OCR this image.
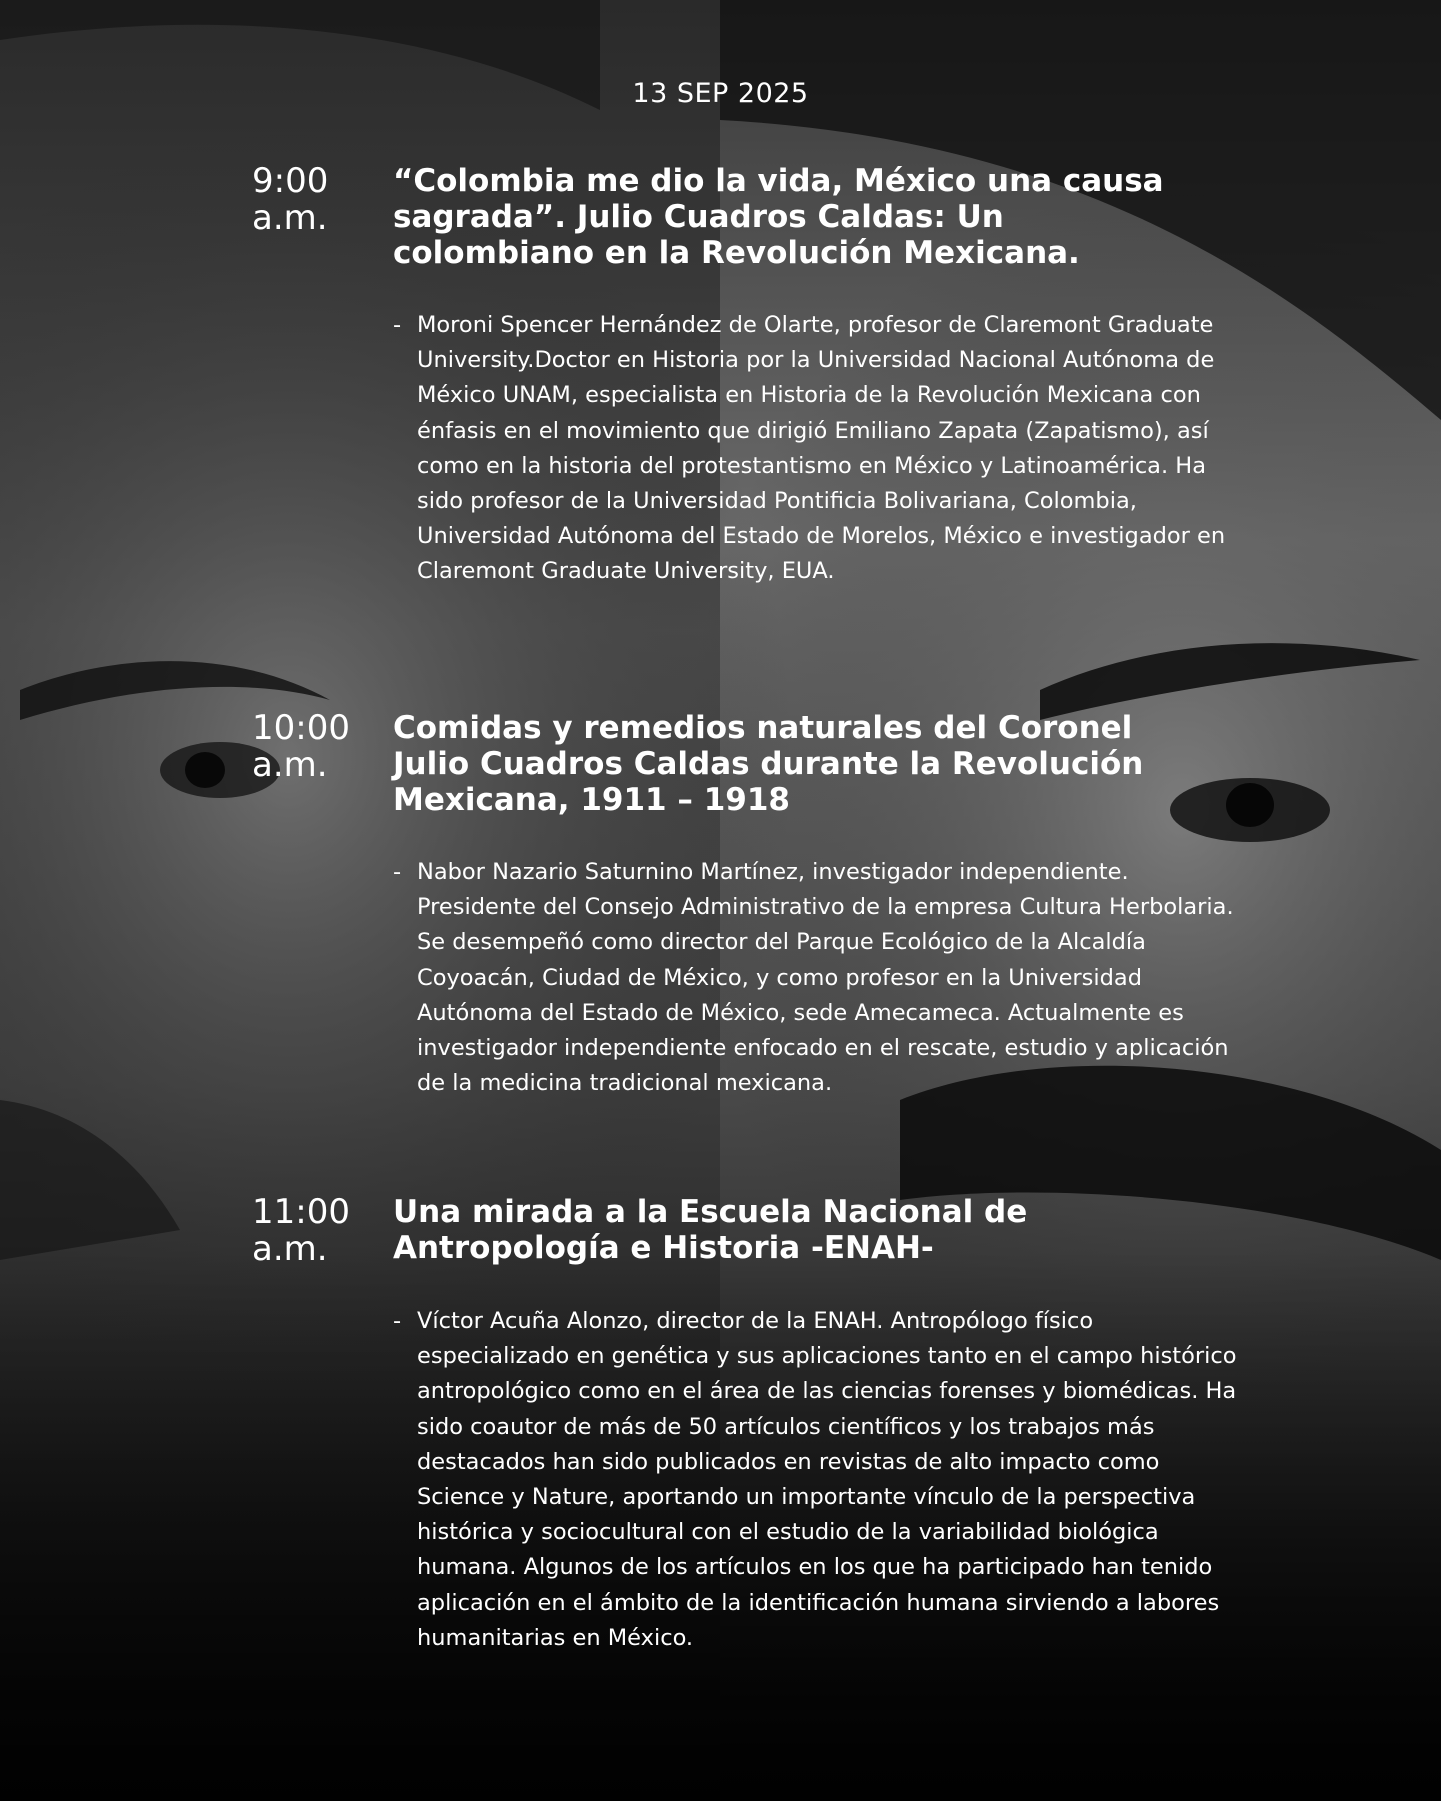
13 SEP 2025
9:00
a.m.
“Colombia me dio la vida, México una causa sagrada”. Julio Cuadros Caldas: Un colombiano en la Revolución Mexicana.
- Moroni Spencer Hernández de Olarte, profesor de Claremont Graduate University.Doctor en Historia por la Universidad Nacional Autónoma de México UNAM, especialista en Historia de la Revolución Mexicana con énfasis en el movimiento que dirigió Emiliano Zapata (Zapatismo), así como en la historia del protestantismo en México y Latinoamérica. Ha sido profesor de la Universidad Pontificia Bolivariana, Colombia, Universidad Autónoma del Estado de Morelos, México e investigador en Claremont Graduate University, EUA.
10:00
a.m.
Comidas y remedios naturales del Coronel Julio Cuadros Caldas durante la Revolución Mexicana, 1911 – 1918
- Nabor Nazario Saturnino Martínez, investigador independiente. Presidente del Consejo Administrativo de la empresa Cultura Herbolaria. Se desempeñó como director del Parque Ecológico de la Alcaldía Coyoacán, Ciudad de México, y como profesor en la Universidad Autónoma del Estado de México, sede Amecameca. Actualmente es investigador independiente enfocado en el rescate, estudio y aplicación de la medicina tradicional mexicana.
11:00
a.m.
Una mirada a la Escuela Nacional de Antropología e Historia -ENAH-
- Víctor Acuña Alonzo, director de la ENAH. Antropólogo físico especializado en genética y sus aplicaciones tanto en el campo histórico antropológico como en el área de las ciencias forenses y biomédicas. Ha sido coautor de más de 50 artículos científicos y los trabajos más destacados han sido publicados en revistas de alto impacto como Science y Nature, aportando un importante vínculo de la perspectiva histórica y sociocultural con el estudio de la variabilidad biológica humana. Algunos de los artículos en los que ha participado han tenido aplicación en el ámbito de la identificación humana sirviendo a labores humanitarias en México.
